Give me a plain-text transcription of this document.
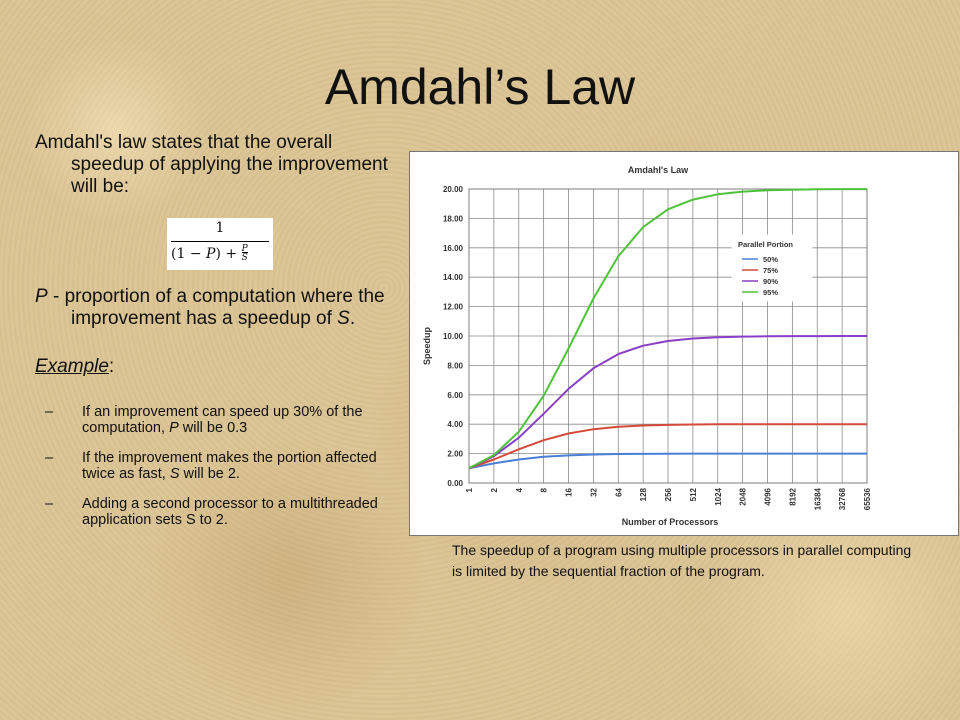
Amdahl’s Law

Amdahl's law states that the overall speedup of applying the improvement will be:

1
$(1 - P) + \frac{P}{S}$

P - proportion of a computation where the improvement has a speedup of S.

Example:

– If an improvement can speed up 30% of the computation, P will be 0.3
– If the improvement makes the portion affected twice as fast, S will be 2.
– Adding a second processor to a multithreaded application sets S to 2.
0.00
2.00
4.00
6.00
8.00
10.00
12.00
14.00
16.00
18.00
20.00
1 2 4 8 16 32 64 128 256 512 1024 2048 4096 8192 16384 32768 65536
Amdahl's Law
Number of Processors
Speedup
Parallel Portion
50%
75%
90%
95%

The speedup of a program using multiple processors in parallel computing is limited by the sequential fraction of the program.
